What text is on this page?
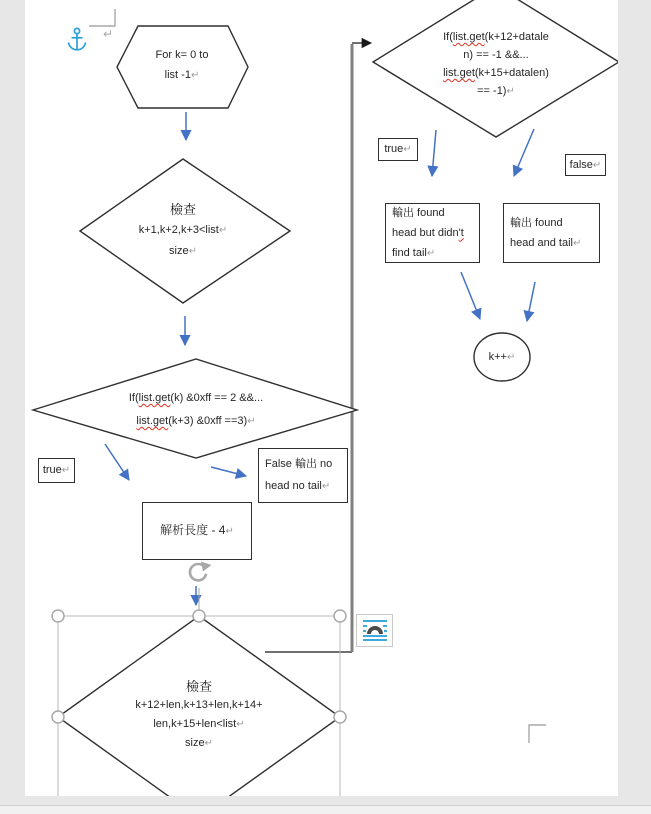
↵
For k= 0 to
list -1↵
檢查
k+1,k+2,k+3<list↵
size↵
If(list.get(k) &0xff == 2 &&...
list.get(k+3) &0xff ==3)↵
If(list.get(k+12+datale
n) == -1 &&...
list.get(k+15+datalen)
== -1)↵
檢查
k+12+len,k+13+len,k+14+
len,k+15+len<list↵
size↵
k++↵
true↵
False 輸出 no
head no tail↵
解析長度 - 4↵
true↵
false↵
輸出 found
head but didn't
find tail↵
輸出 found
head and tail↵
